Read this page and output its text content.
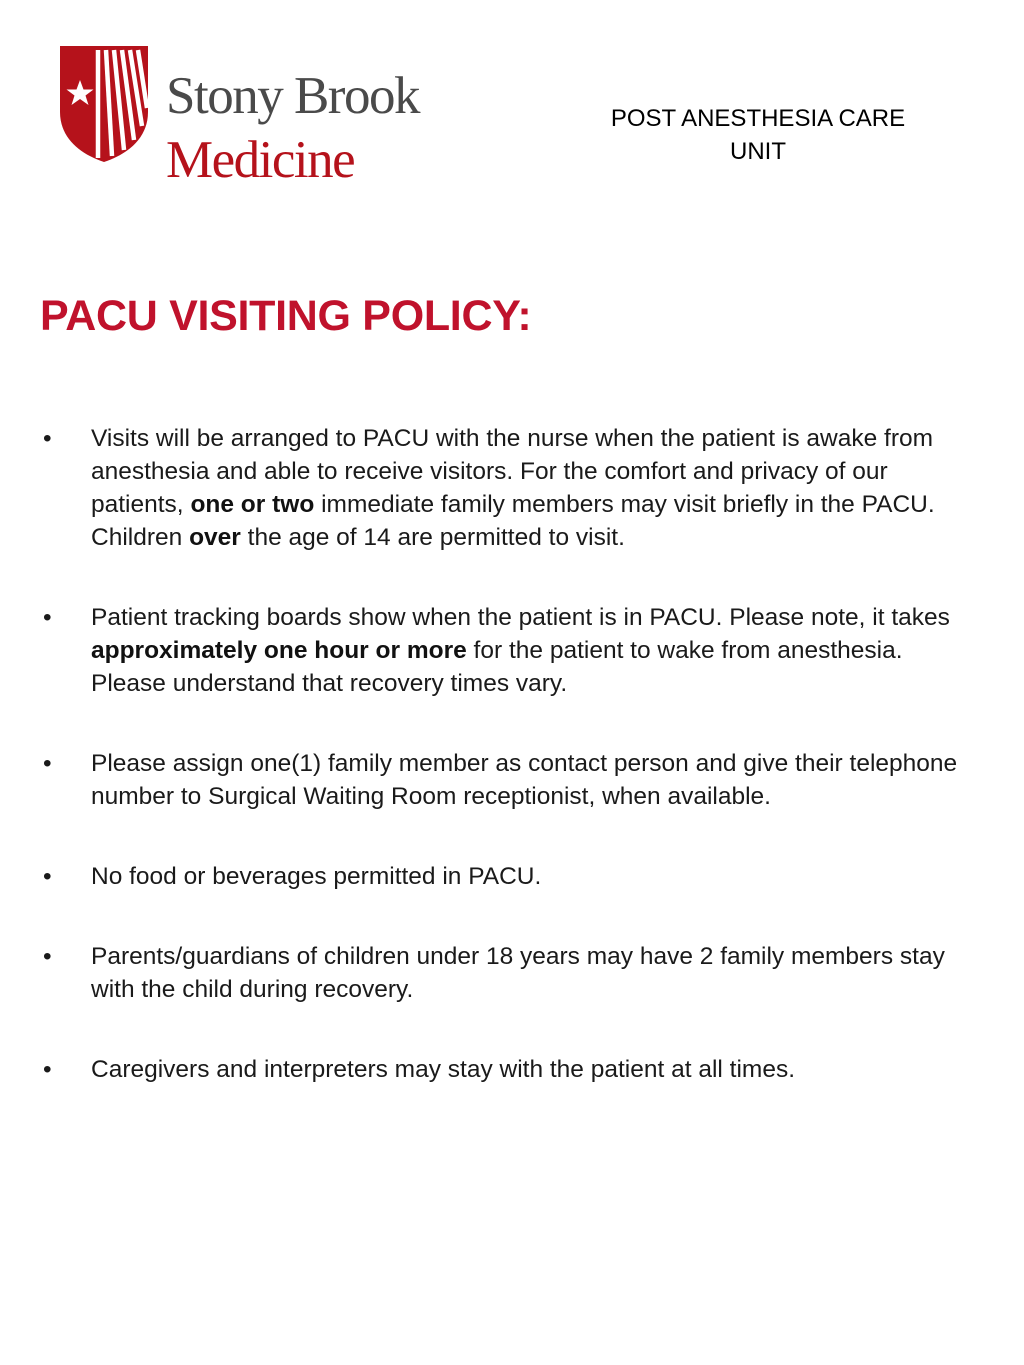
Stony Brook
Medicine
POST ANESTHESIA CARE
UNIT
PACU VISITING POLICY:
• Visits will be arranged to PACU with the nurse when the patient is awake from anesthesia and able to receive visitors. For the comfort and privacy of our patients, one or two immediate family members may visit briefly in the PACU. Children over the age of 14 are permitted to visit.
• Patient tracking boards show when the patient is in PACU. Please note, it takes approximately one hour or more for the patient to wake from anesthesia. Please understand that recovery times vary.
• Please assign one(1) family member as contact person and give their telephone number to Surgical Waiting Room receptionist, when available.
• No food or beverages permitted in PACU.
• Parents/guardians of children under 18 years may have 2 family members stay with the child during recovery.
• Caregivers and interpreters may stay with the patient at all times.
